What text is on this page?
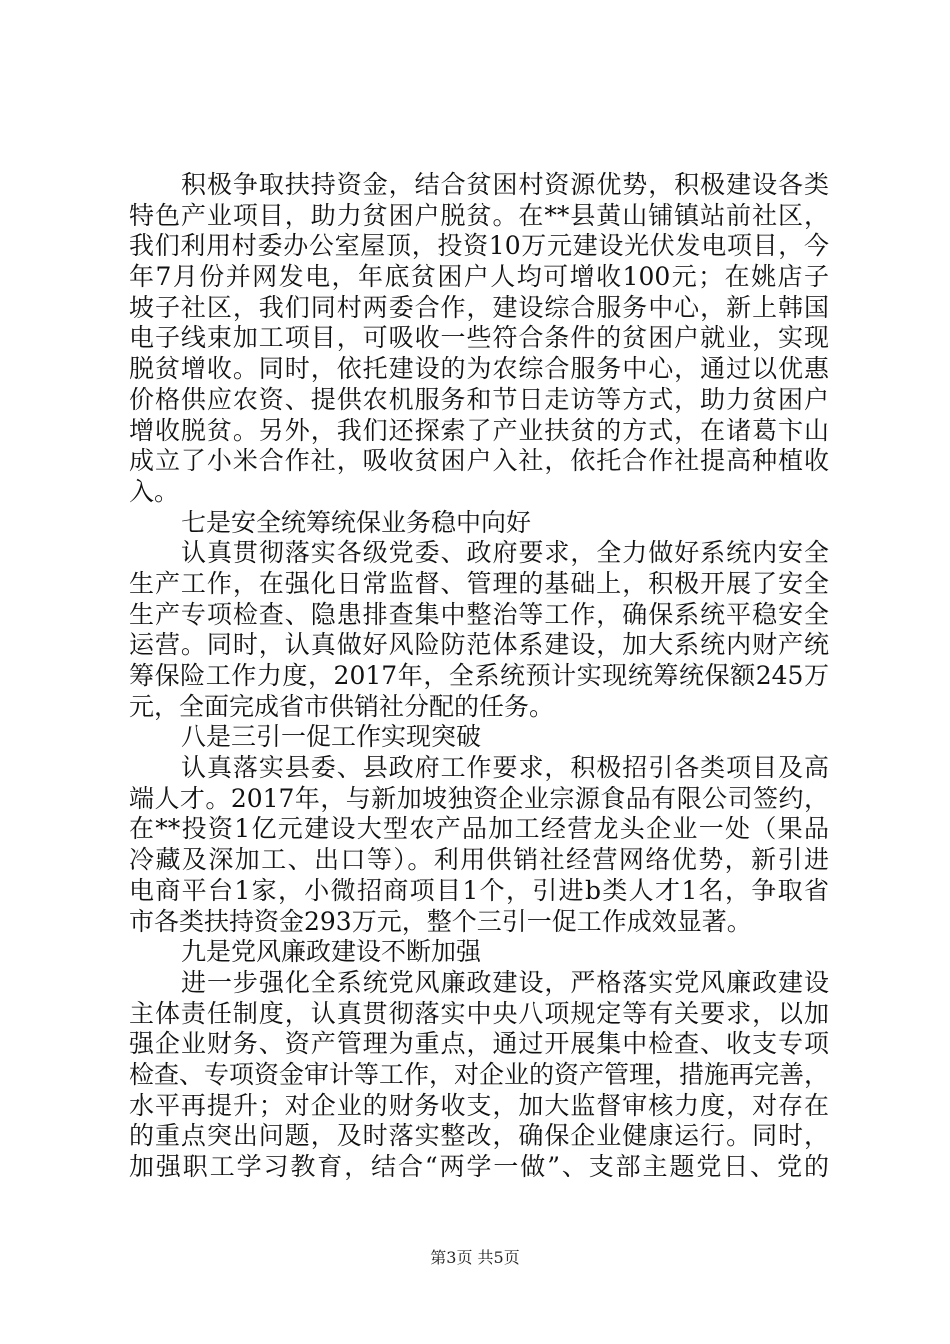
积极争取扶持资金，结合贫困村资源优势，积极建设各类
特色产业项目，助力贫困户脱贫。在**县黄山铺镇站前社区，
我们利用村委办公室屋顶，投资10万元建设光伏发电项目，今
年7月份并网发电，年底贫困户人均可增收100元；在姚店子
坡子社区，我们同村两委合作，建设综合服务中心，新上韩国
电子线束加工项目，可吸收一些符合条件的贫困户就业，实现
脱贫增收。同时，依托建设的为农综合服务中心，通过以优惠
价格供应农资、提供农机服务和节日走访等方式，助力贫困户
增收脱贫。另外，我们还探索了产业扶贫的方式，在诸葛卞山
成立了小米合作社，吸收贫困户入社，依托合作社提高种植收
入。
七是安全统筹统保业务稳中向好
认真贯彻落实各级党委、政府要求，全力做好系统内安全
生产工作，在强化日常监督、管理的基础上，积极开展了安全
生产专项检查、隐患排查集中整治等工作，确保系统平稳安全
运营。同时，认真做好风险防范体系建设，加大系统内财产统
筹保险工作力度，2017年，全系统预计实现统筹统保额245万
元，全面完成省市供销社分配的任务。
八是三引一促工作实现突破
认真落实县委、县政府工作要求，积极招引各类项目及高
端人才。2017年，与新加坡独资企业宗源食品有限公司签约，
在**投资1亿元建设大型农产品加工经营龙头企业一处（果品
冷藏及深加工、出口等）。利用供销社经营网络优势，新引进
电商平台1家，小微招商项目1个，引进b类人才1名，争取省
市各类扶持资金293万元，整个三引一促工作成效显著。
九是党风廉政建设不断加强
进一步强化全系统党风廉政建设，严格落实党风廉政建设
主体责任制度，认真贯彻落实中央八项规定等有关要求，以加
强企业财务、资产管理为重点，通过开展集中检查、收支专项
检查、专项资金审计等工作，对企业的资产管理，措施再完善，
水平再提升；对企业的财务收支，加大监督审核力度，对存在
的重点突出问题，及时落实整改，确保企业健康运行。同时，
加强职工学习教育，结合“两学一做”、支部主题党日、党的
第3页 共5页
